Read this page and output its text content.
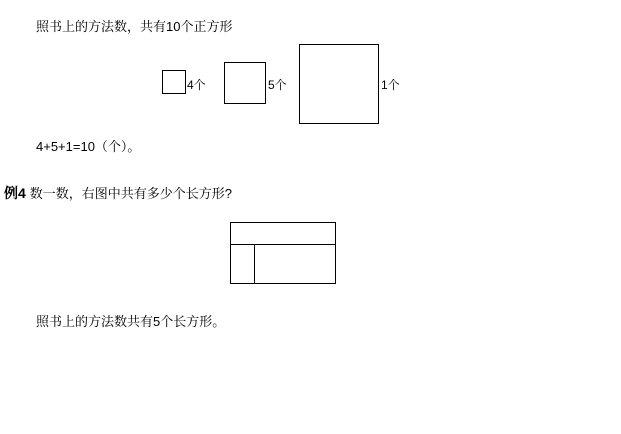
照书上的方法数，共有10个正方形
4个	5个	1个
4+5+1=10（个）。
例4 数一数，右图中共有多少个长方形?
照书上的方法数共有5个长方形。
